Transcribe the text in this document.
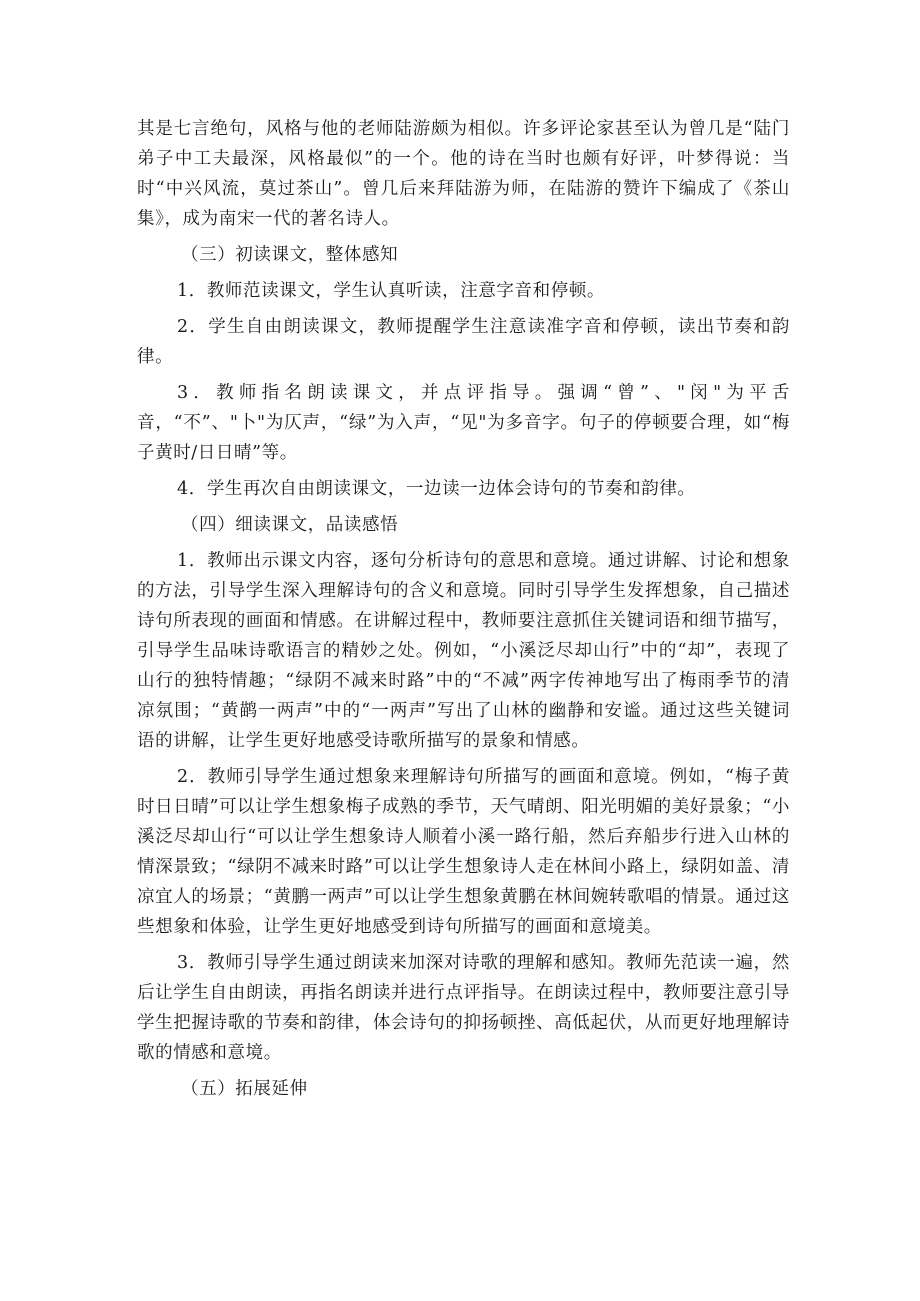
其是七言绝句，风格与他的老师陆游颇为相似。许多评论家甚至认为曾几是“陆门弟子中工夫最深，风格最似”的一个。他的诗在当时也颇有好评，叶梦得说：当时“中兴风流，莫过茶山”。曾几后来拜陆游为师，在陆游的赞许下编成了《茶山集》，成为南宋一代的著名诗人。

（三）初读课文，整体感知

1．教师范读课文，学生认真听读，注意字音和停顿。

2．学生自由朗读课文，教师提醒学生注意读准字音和停顿，读出节奏和韵律。

3．教师指名朗读课文，并点评指导。强调“曾”、"闵"为平舌音，“不”、"卜"为仄声，“绿”为入声，“见"为多音字。句子的停顿要合理，如“梅子黄时/日日晴”等。

4．学生再次自由朗读课文，一边读一边体会诗句的节奏和韵律。

（四）细读课文，品读感悟

1．教师出示课文内容，逐句分析诗句的意思和意境。通过讲解、讨论和想象的方法，引导学生深入理解诗句的含义和意境。同时引导学生发挥想象，自己描述诗句所表现的画面和情感。在讲解过程中，教师要注意抓住关键词语和细节描写，引导学生品味诗歌语言的精妙之处。例如，“小溪泛尽却山行”中的“却”，表现了山行的独特情趣；“绿阴不减来时路”中的“不减”两字传神地写出了梅雨季节的清凉氛围；“黄鹋一两声”中的“一两声”写出了山林的幽静和安谧。通过这些关键词语的讲解，让学生更好地感受诗歌所描写的景象和情感。

2．教师引导学生通过想象来理解诗句所描写的画面和意境。例如，“梅子黄时日日晴”可以让学生想象梅子成熟的季节，天气晴朗、阳光明媚的美好景象；“小溪泛尽却山行“可以让学生想象诗人顺着小溪一路行船，然后弃船步行进入山林的情深景致；“绿阴不减来时路”可以让学生想象诗人走在林间小路上，绿阴如盖、清凉宜人的场景；“黄鹏一两声”可以让学生想象黄鹏在林间婉转歌唱的情景。通过这些想象和体验，让学生更好地感受到诗句所描写的画面和意境美。

3．教师引导学生通过朗读来加深对诗歌的理解和感知。教师先范读一遍，然后让学生自由朗读，再指名朗读并进行点评指导。在朗读过程中，教师要注意引导学生把握诗歌的节奏和韵律，体会诗句的抑扬顿挫、高低起伏，从而更好地理解诗歌的情感和意境。

（五）拓展延伸
